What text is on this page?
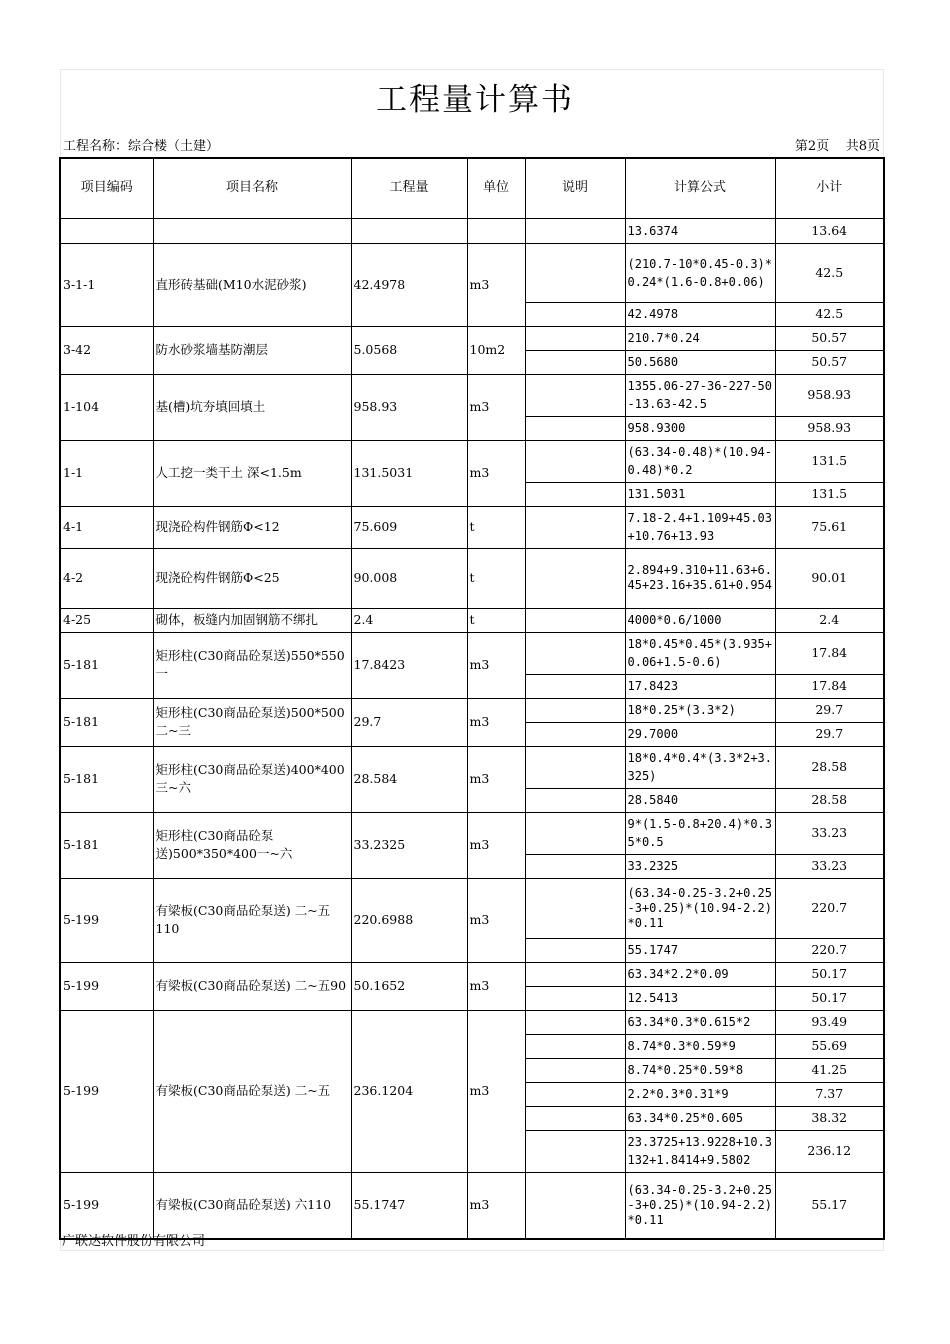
工程量计算书
工程名称：综合楼（土建）	第2页    共8页
项目编码	项目名称	工程量	单位	说明	计算公式	小计
					13.6374	13.64
3-1-1	直形砖基础(M10水泥砂浆)	42.4978	m3		(210.7-10*0.45-0.3)*0.24*(1.6-0.8+0.06)	42.5
					42.4978	42.5
3-42	防水砂浆墙基防潮层	5.0568	10m2		210.7*0.24	50.57
					50.5680	50.57
1-104	基(槽)坑夯填回填土	958.93	m3		1355.06-27-36-227-50-13.63-42.5	958.93
					958.9300	958.93
1-1	人工挖一类干土 深<1.5m	131.5031	m3		(63.34-0.48)*(10.94-0.48)*0.2	131.5
					131.5031	131.5
4-1	现浇砼构件钢筋Φ<12	75.609	t		7.18-2.4+1.109+45.03+10.76+13.93	75.61
4-2	现浇砼构件钢筋Φ<25	90.008	t		2.894+9.310+11.63+6.45+23.16+35.61+0.954	90.01
4-25	砌体，板缝内加固钢筋不绑扎	2.4	t		4000*0.6/1000	2.4
5-181	矩形柱(C30商品砼泵送)550*550 一	17.8423	m3		18*0.45*0.45*(3.935+0.06+1.5-0.6)	17.84
					17.8423	17.84
5-181	矩形柱(C30商品砼泵送)500*500二~三	29.7	m3		18*0.25*(3.3*2)	29.7
					29.7000	29.7
5-181	矩形柱(C30商品砼泵送)400*400三~六	28.584	m3		18*0.4*0.4*(3.3*2+3.325)	28.58
					28.5840	28.58
5-181	矩形柱(C30商品砼泵送)500*350*400一~六	33.2325	m3		9*(1.5-0.8+20.4)*0.35*0.5	33.23
					33.2325	33.23
5-199	有梁板(C30商品砼泵送) 二~五110	220.6988	m3		(63.34-0.25-3.2+0.25-3+0.25)*(10.94-2.2)*0.11	220.7
					55.1747	220.7
5-199	有梁板(C30商品砼泵送) 二~五90	50.1652	m3		63.34*2.2*0.09	50.17
					12.5413	50.17
5-199	有梁板(C30商品砼泵送) 二~五	236.1204	m3		63.34*0.3*0.615*2	93.49
					8.74*0.3*0.59*9	55.69
					8.74*0.25*0.59*8	41.25
					2.2*0.3*0.31*9	7.37
					63.34*0.25*0.605	38.32
					23.3725+13.9228+10.3132+1.8414+9.5802	236.12
5-199	有梁板(C30商品砼泵送) 六110	55.1747	m3		(63.34-0.25-3.2+0.25-3+0.25)*(10.94-2.2)*0.11	55.17
广联达软件股份有限公司
